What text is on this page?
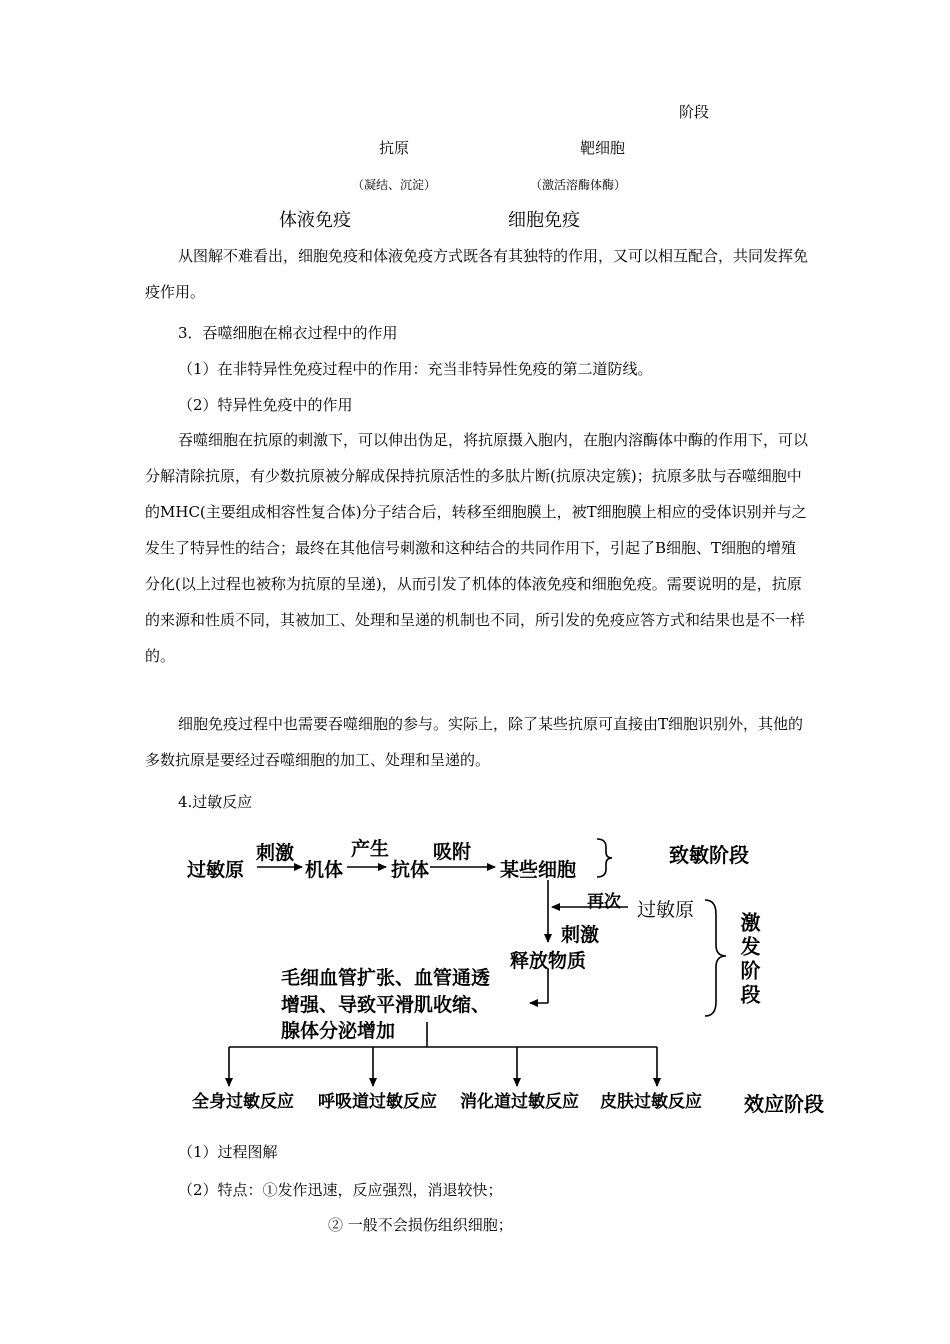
阶段
抗原	靶细胞
（凝结、沉淀）	（激活溶酶体酶）
体液免疫	细胞免疫
从图解不难看出，细胞免疫和体液免疫方式既各有其独特的作用，又可以相互配合，共同发挥免疫作用。
3．吞噬细胞在棉衣过程中的作用
（1）在非特异性免疫过程中的作用：充当非特异性免疫的第二道防线。
（2）特异性免疫中的作用
吞噬细胞在抗原的刺激下，可以伸出伪足，将抗原摄入胞内，在胞内溶酶体中酶的作用下，可以分解清除抗原，有少数抗原被分解成保持抗原活性的多肽片断(抗原决定簇)；抗原多肽与吞噬细胞中的MHC(主要组成相容性复合体)分子结合后，转移至细胞膜上，被T细胞膜上相应的受体识别并与之发生了特异性的结合；最终在其他信号刺激和这种结合的共同作用下，引起了B细胞、T细胞的增殖分化(以上过程也被称为抗原的呈递)，从而引发了机体的体液免疫和细胞免疫。需要说明的是，抗原的来源和性质不同，其被加工、处理和呈递的机制也不同，所引发的免疫应答方式和结果也是不一样的。
细胞免疫过程中也需要吞噬细胞的参与。实际上，除了某些抗原可直接由T细胞识别外，其他的多数抗原是要经过吞噬细胞的加工、处理和呈递的。
4.过敏反应
过敏原
刺激
机体
产生
抗体
吸附
某些细胞
致敏阶段
再次 过敏原
刺激
释放物质	激发阶段
毛细血管扩张、血管通透
增强、导致平滑肌收缩、
腺体分泌增加
全身过敏反应 呼吸道过敏反应 消化道过敏反应 皮肤过敏反应 效应阶段
（1）过程图解
（2）特点：①发作迅速，反应强烈，消退较快；
② 一般不会损伤组织细胞；
